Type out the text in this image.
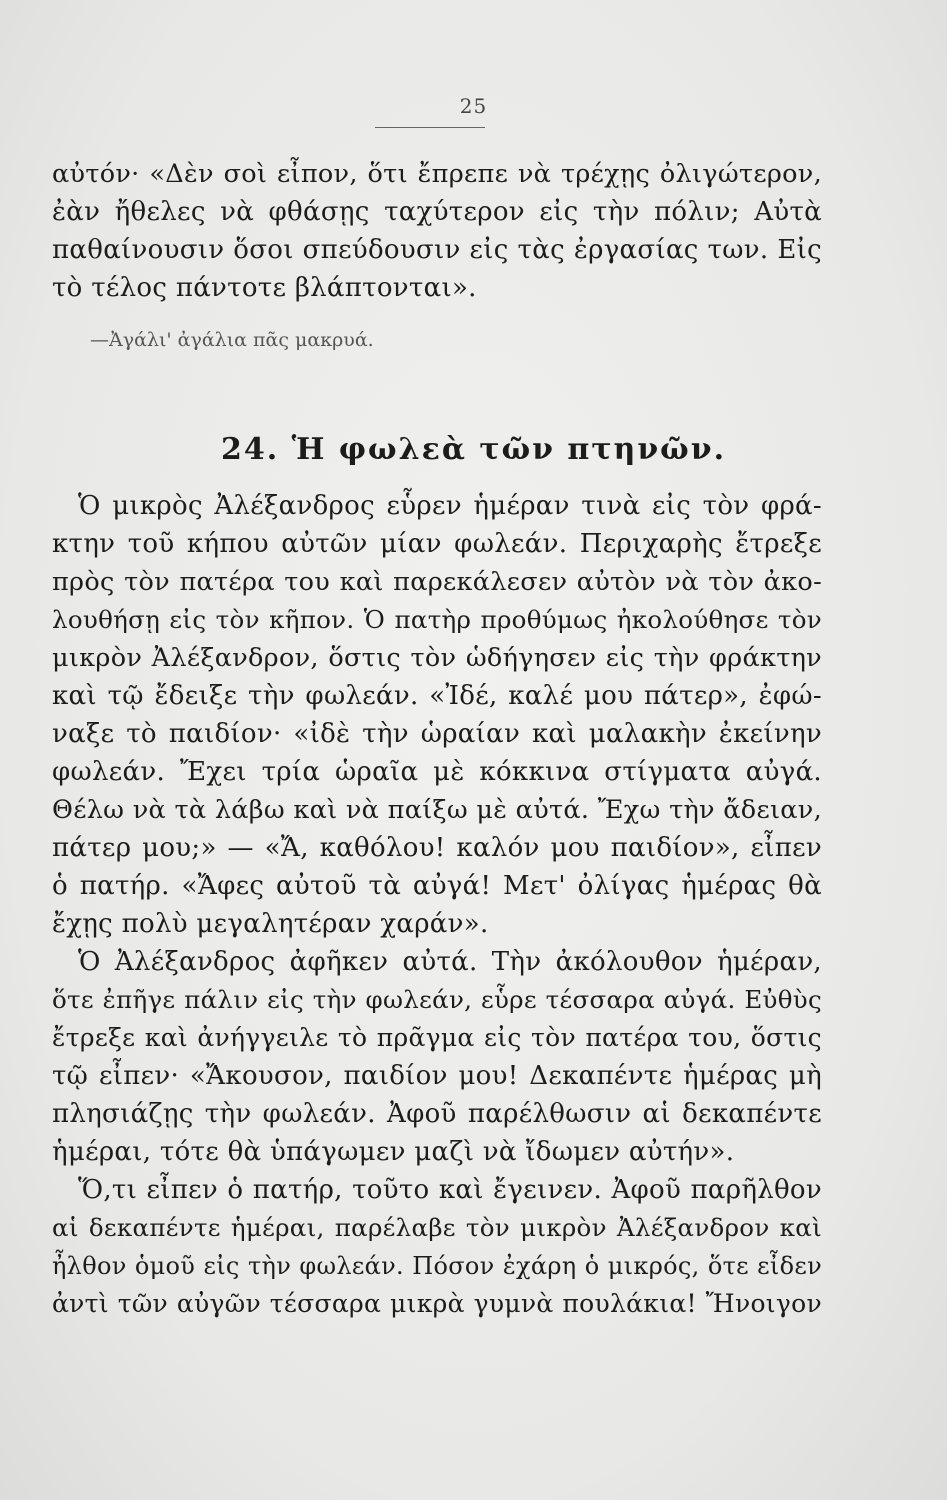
25
αὐτόν· «Δὲν σοὶ εἶπον, ὅτι ἔπρεπε νὰ τρέχῃς ὀλιγώτερον,
ἐὰν ἤθελες νὰ φθάσῃς ταχύτερον εἰς τὴν πόλιν; Αὐτὰ
παθαίνουσιν ὅσοι σπεύδουσιν εἰς τὰς ἐργασίας των. Εἰς
τὸ τέλος πάντοτε βλάπτονται».
—Ἀγάλι' ἀγάλια πᾶς μακρυά.
24. Ἡ φωλεὰ τῶν πτηνῶν.
Ὁ μικρὸς Ἀλέξανδρος εὗρεν ἡμέραν τινὰ εἰς τὸν φρά-
κτην τοῦ κήπου αὐτῶν μίαν φωλεάν. Περιχαρὴς ἔτρεξε
πρὸς τὸν πατέρα του καὶ παρεκάλεσεν αὐτὸν νὰ τὸν ἀκο-
λουθήσῃ εἰς τὸν κῆπον. Ὁ πατὴρ προθύμως ἠκολούθησε τὸν
μικρὸν Ἀλέξανδρον, ὅστις τὸν ὡδήγησεν εἰς τὴν φράκτην
καὶ τῷ ἔδειξε τὴν φωλεάν. «Ἰδέ, καλέ μου πάτερ», ἐφώ-
ναξε τὸ παιδίον· «ἰδὲ τὴν ὡραίαν καὶ μαλακὴν ἐκείνην
φωλεάν. Ἔχει τρία ὡραῖα μὲ κόκκινα στίγματα αὐγά.
Θέλω νὰ τὰ λάβω καὶ νὰ παίξω μὲ αὐτά. Ἔχω τὴν ἄδειαν,
πάτερ μου;» — «Ἄ, καθόλου! καλόν μου παιδίον», εἶπεν
ὁ πατήρ. «Ἄφες αὐτοῦ τὰ αὐγά! Μετ' ὀλίγας ἡμέρας θὰ
ἔχῃς πολὺ μεγαλητέραν χαράν».
Ὁ Ἀλέξανδρος ἀφῆκεν αὐτά. Τὴν ἀκόλουθον ἡμέραν,
ὅτε ἐπῆγε πάλιν εἰς τὴν φωλεάν, εὗρε τέσσαρα αὐγά. Εὐθὺς
ἔτρεξε καὶ ἀνήγγειλε τὸ πρᾶγμα εἰς τὸν πατέρα του, ὅστις
τῷ εἶπεν· «Ἄκουσον, παιδίον μου! Δεκαπέντε ἡμέρας μὴ
πλησιάζῃς τὴν φωλεάν. Ἀφοῦ παρέλθωσιν αἱ δεκαπέντε
ἡμέραι, τότε θὰ ὑπάγωμεν μαζὶ νὰ ἴδωμεν αὐτήν».
Ὅ,τι εἶπεν ὁ πατήρ, τοῦτο καὶ ἔγεινεν. Ἀφοῦ παρῆλθον
αἱ δεκαπέντε ἡμέραι, παρέλαβε τὸν μικρὸν Ἀλέξανδρον καὶ
ἦλθον ὁμοῦ εἰς τὴν φωλεάν. Πόσον ἐχάρη ὁ μικρός, ὅτε εἶδεν
ἀντὶ τῶν αὐγῶν τέσσαρα μικρὰ γυμνὰ πουλάκια! Ἤνοιγον
